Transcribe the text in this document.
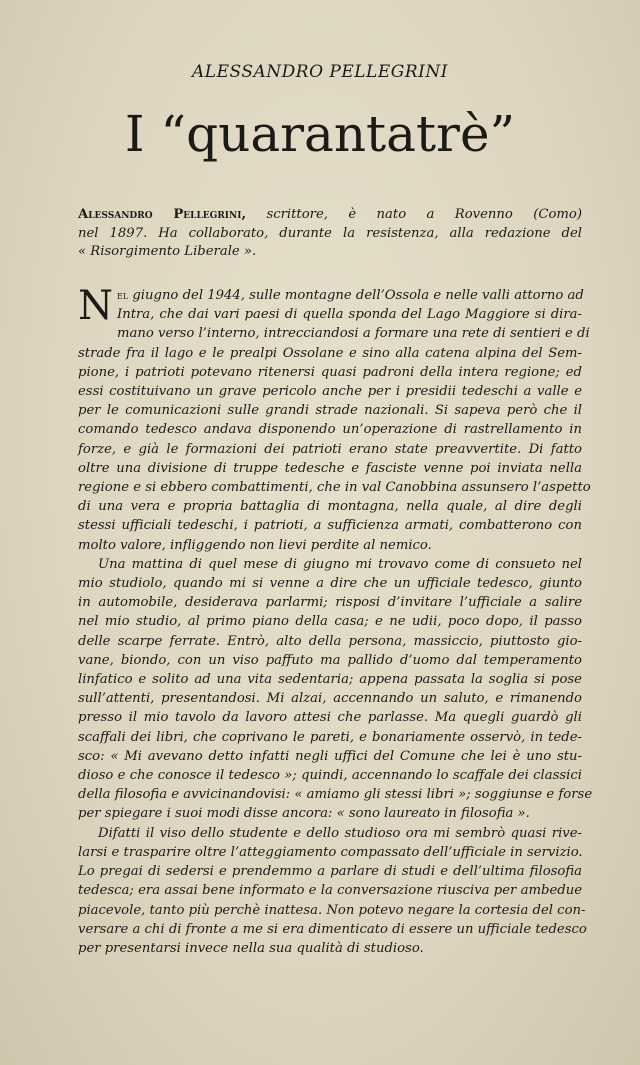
ALESSANDRO PELLEGRINI
I “quarantatrè”
Alessandro Pellegrini, scrittore, è nato a Rovenno (Como)
nel 1897. Ha collaborato, durante la resistenza, alla redazione del
« Risorgimento Liberale ».
N el giugno del 1944, sulle montagne dell’Ossola e nelle valli attorno ad
Intra, che dai vari paesi di quella sponda del Lago Maggiore si dira-
mano verso l’interno, intrecciandosi a formare una rete di sentieri e di
strade fra il lago e le prealpi Ossolane e sino alla catena alpina del Sem-
pione, i patrioti potevano ritenersi quasi padroni della intera regione; ed
essi costituivano un grave pericolo anche per i presidii tedeschi a valle e
per le comunicazioni sulle grandi strade nazionali. Si sapeva però che il
comando tedesco andava disponendo un’operazione di rastrellamento in
forze, e già le formazioni dei patrioti erano state preavvertite. Di fatto
oltre una divisione di truppe tedesche e fasciste venne poi inviata nella
regione e si ebbero combattimenti, che in val Canobbina assunsero l’aspetto
di una vera e propria battaglia di montagna, nella quale, al dire degli
stessi ufficiali tedeschi, i patrioti, a sufficienza armati, combatterono con
molto valore, infliggendo non lievi perdite al nemico.
Una mattina di quel mese di giugno mi trovavo come di consueto nel
mio studiolo, quando mi si venne a dire che un ufficiale tedesco, giunto
in automobile, desiderava parlarmi; risposi d’invitare l’ufficiale a salire
nel mio studio, al primo piano della casa; e ne udii, poco dopo, il passo
delle scarpe ferrate. Entrò, alto della persona, massiccio, piuttosto gio-
vane, biondo, con un viso paffuto ma pallido d’uomo dal temperamento
linfatico e solito ad una vita sedentaria; appena passata la soglia si pose
sull’attenti, presentandosi. Mi alzai, accennando un saluto, e rimanendo
presso il mio tavolo da lavoro attesi che parlasse. Ma quegli guardò gli
scaffali dei libri, che coprivano le pareti, e bonariamente osservò, in tede-
sco: « Mi avevano detto infatti negli uffici del Comune che lei è uno stu-
dioso e che conosce il tedesco »; quindi, accennando lo scaffale dei classici
della filosofia e avvicinandovisi: « amiamo gli stessi libri »; soggiunse e forse
per spiegare i suoi modi disse ancora: « sono laureato in filosofia ».
Difatti il viso dello studente e dello studioso ora mi sembrò quasi rive-
larsi e trasparire oltre l’atteggiamento compassato dell’ufficiale in servizio.
Lo pregai di sedersi e prendemmo a parlare di studi e dell’ultima filosofia
tedesca; era assai bene informato e la conversazione riusciva per ambedue
piacevole, tanto più perchè inattesa. Non potevo negare la cortesia del con-
versare a chi di fronte a me si era dimenticato di essere un ufficiale tedesco
per presentarsi invece nella sua qualità di studioso.
